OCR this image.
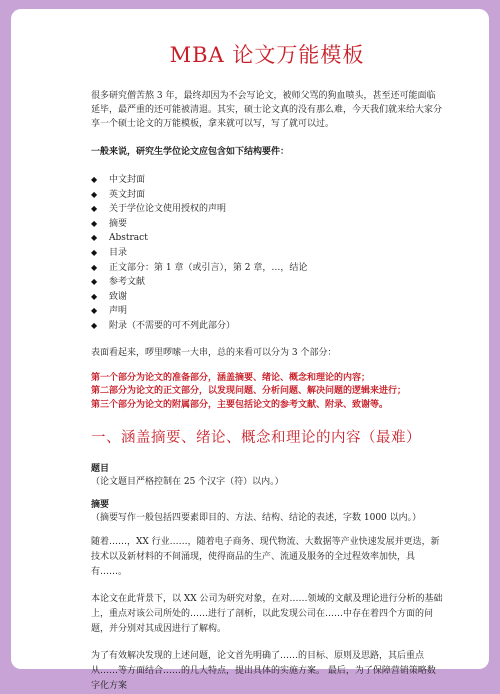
MBA 论文万能模板

很多研究僧苦熬 3 年，最终却因为不会写论文，被师父骂的狗血喷头，甚至还可能面临延毕，最严重的还可能被清退。其实，硕士论文真的没有那么难，今天我们就来给大家分享一个硕士论文的万能模板，拿来就可以写，写了就可以过。

一般来说，研究生学位论文应包含如下结构要件：

◆ 中文封面
◆ 英文封面
◆ 关于学位论文使用授权的声明
◆ 摘要
◆ Abstract
◆ 目录
◆ 正文部分：第 1 章（或引言），第 2 章，…，结论
◆ 参考文献
◆ 致谢
◆ 声明
◆ 附录（不需要的可不列此部分）

表面看起来，啰里啰嗦一大串，总的来看可以分为 3 个部分：

第一个部分为论文的准备部分，涵盖摘要、绪论、概念和理论的内容；

第二部分为论文的正文部分，以发现问题、分析问题、解决问题的逻辑来进行；

第三个部分为论文的附属部分，主要包括论文的参考文献、附录、致谢等。

一、涵盖摘要、绪论、概念和理论的内容（最难）

题目

（论文题目严格控制在 25 个汉字（符）以内。）

摘要

（摘要写作一般包括四要素即目的、方法、结构、结论的表述，字数 1000 以内。）

随着……，XX 行业……，随着电子商务、现代物流、大数据等产业快速发展并更迭，新技术以及新材料的不间涌现，使得商品的生产、流通及服务的全过程效率加快，具有……。

本论文在此背景下，以 XX 公司为研究对象，在对……领域的文献及理论进行分析的基础上，重点对该公司所处的……进行了剖析，以此发现公司在……中存在着四个方面的问题，并分别对其成因进行了解构。

为了有效解决发现的上述问题，论文首先明确了……的目标、原则及思路，其后重点从……等方面结合……的几大特点，提出具体的实施方案。 最后，为了保障营销策略数字化方案
